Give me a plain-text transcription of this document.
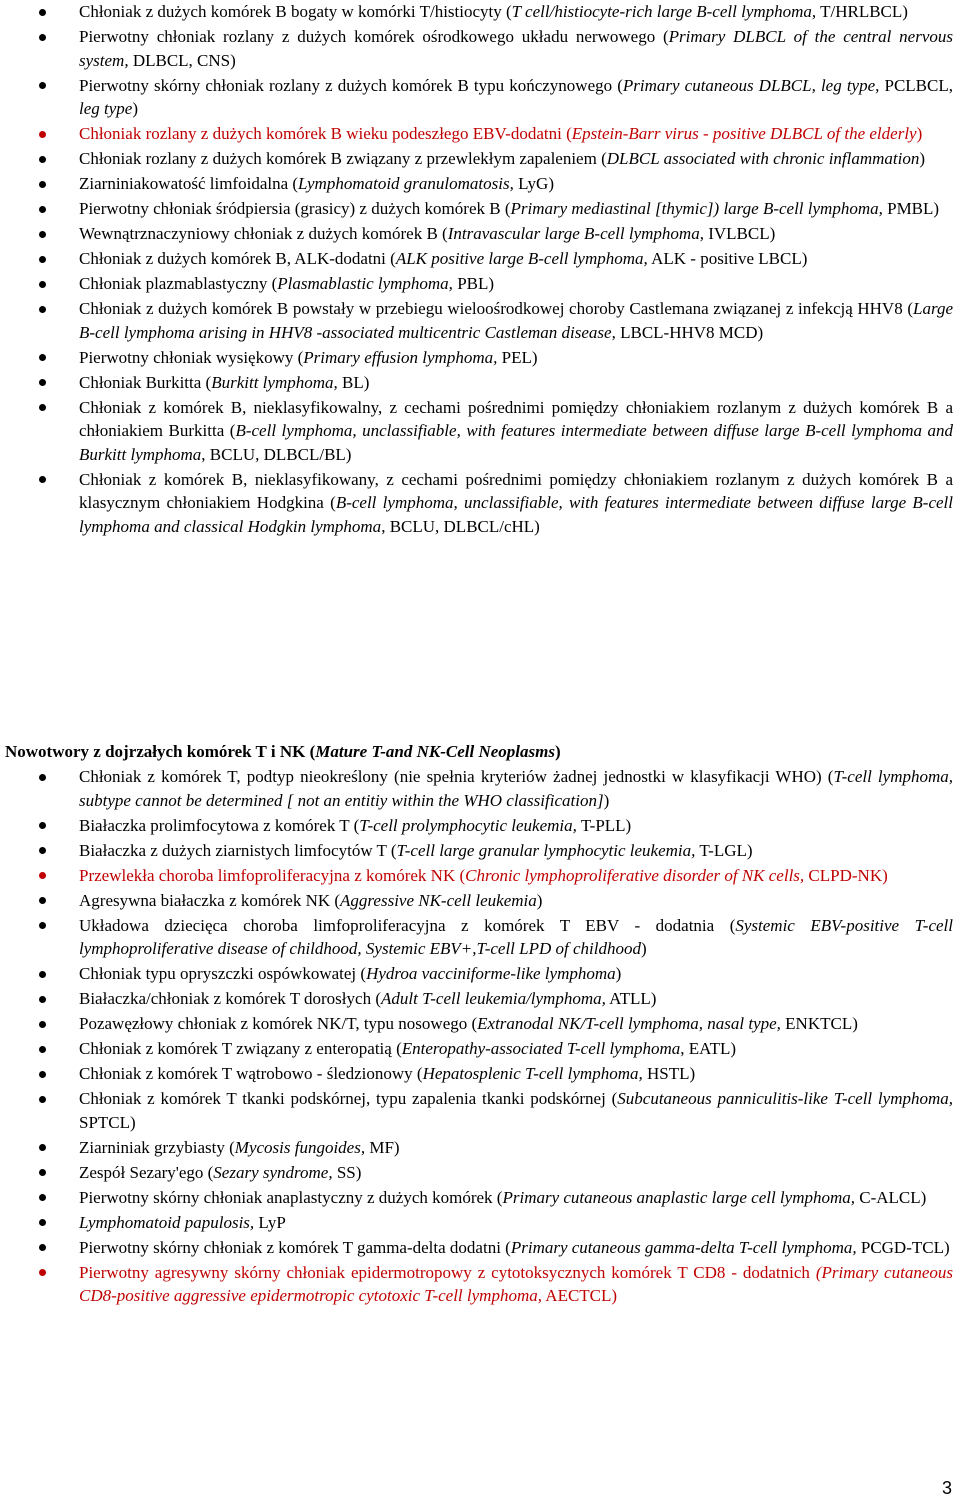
Chłoniak z dużych komórek B bogaty w komórki T/histiocyty (T cell/histiocyte-rich large B-cell lymphoma, T/HRLBCL)
Pierwotny chłoniak rozlany z dużych komórek ośrodkowego układu nerwowego (Primary DLBCL of the central nervous system, DLBCL, CNS)
Pierwotny skórny chłoniak rozlany z dużych komórek B typu kończynowego (Primary cutaneous DLBCL, leg type, PCLBCL, leg type)
Chłoniak rozlany z dużych komórek B wieku podeszłego EBV-dodatni (Epstein-Barr virus - positive DLBCL of the elderly)
Chłoniak rozlany z dużych komórek B związany z przewlekłym zapaleniem (DLBCL associated with chronic inflammation)
Ziarniniakowatość limfoidalna (Lymphomatoid granulomatosis, LyG)
Pierwotny chłoniak śródpiersia (grasicy) z dużych komórek B (Primary mediastinal [thymic]) large B-cell lymphoma, PMBL)
Wewnątrznaczyniowy chłoniak z dużych komórek B (Intravascular large B-cell lymphoma, IVLBCL)
Chłoniak z dużych komórek B, ALK-dodatni (ALK positive large B-cell lymphoma, ALK - positive LBCL)
Chłoniak plazmablastyczny (Plasmablastic lymphoma, PBL)
Chłoniak z dużych komórek B powstały w przebiegu wieloośrodkowej choroby Castlemana związanej z infekcją HHV8 (Large B-cell lymphoma arising in HHV8 -associated multicentric Castleman disease, LBCL-HHV8 MCD)
Pierwotny chłoniak wysiękowy (Primary effusion lymphoma, PEL)
Chłoniak Burkitta (Burkitt lymphoma, BL)
Chłoniak z komórek B, nieklasyfikowalny, z cechami pośrednimi pomiędzy chłoniakiem rozlanym z dużych komórek B a chłoniakiem Burkitta (B-cell lymphoma, unclassifiable, with features intermediate between diffuse large B-cell lymphoma and Burkitt lymphoma, BCLU, DLBCL/BL)
Chłoniak z komórek B, nieklasyfikowany, z cechami pośrednimi pomiędzy chłoniakiem rozlanym z dużych komórek B a klasycznym chłoniakiem Hodgkina (B-cell lymphoma, unclassifiable, with features intermediate between diffuse large B-cell lymphoma and classical Hodgkin lymphoma, BCLU, DLBCL/cHL)
Nowotwory z dojrzałych komórek T i NK (Mature T-and NK-Cell Neoplasms)
Chłoniak z komórek T, podtyp nieokreślony (nie spełnia kryteriów żadnej jednostki w klasyfikacji WHO) (T-cell lymphoma, subtype cannot be determined [ not an entitiy within the WHO classification])
Białaczka prolimfocytowa z komórek T (T-cell prolymphocytic leukemia, T-PLL)
Białaczka z dużych ziarnistych limfocytów T (T-cell large granular lymphocytic leukemia, T-LGL)
Przewlekła choroba limfoproliferacyjna z komórek NK (Chronic lymphoproliferative disorder of NK cells, CLPD-NK)
Agresywna białaczka z komórek NK (Aggressive NK-cell leukemia)
Układowa dziecięca choroba limfoproliferacyjna z komórek T EBV - dodatnia (Systemic EBV-positive T-cell lymphoproliferative disease of childhood, Systemic EBV+,T-cell LPD of childhood)
Chłoniak typu opryszczki ospówkowatej (Hydroa vacciniforme-like lymphoma)
Białaczka/chłoniak z komórek T dorosłych (Adult T-cell leukemia/lymphoma, ATLL)
Pozawęzłowy chłoniak z komórek NK/T, typu nosowego (Extranodal NK/T-cell lymphoma, nasal type, ENKTCL)
Chłoniak z komórek T związany z enteropatią (Enteropathy-associated T-cell lymphoma, EATL)
Chłoniak z komórek T wątrobowo - śledzionowy (Hepatosplenic T-cell lymphoma, HSTL)
Chłoniak z komórek T tkanki podskórnej, typu zapalenia tkanki podskórnej (Subcutaneous panniculitis-like T-cell lymphoma, SPTCL)
Ziarniniak grzybiasty (Mycosis fungoides, MF)
Zespół Sezary'ego (Sezary syndrome, SS)
Pierwotny skórny chłoniak anaplastyczny z dużych komórek (Primary cutaneous anaplastic large cell lymphoma, C-ALCL)
Lymphomatoid papulosis, LyP
Pierwotny skórny chłoniak z komórek T gamma-delta dodatni (Primary cutaneous gamma-delta T-cell lymphoma, PCGD-TCL)
Pierwotny agresywny skórny chłoniak epidermotropowy z cytotoksycznych komórek T CD8 - dodatnich (Primary cutaneous CD8-positive aggressive epidermotropic cytotoxic T-cell lymphoma, AECTCL)
3
